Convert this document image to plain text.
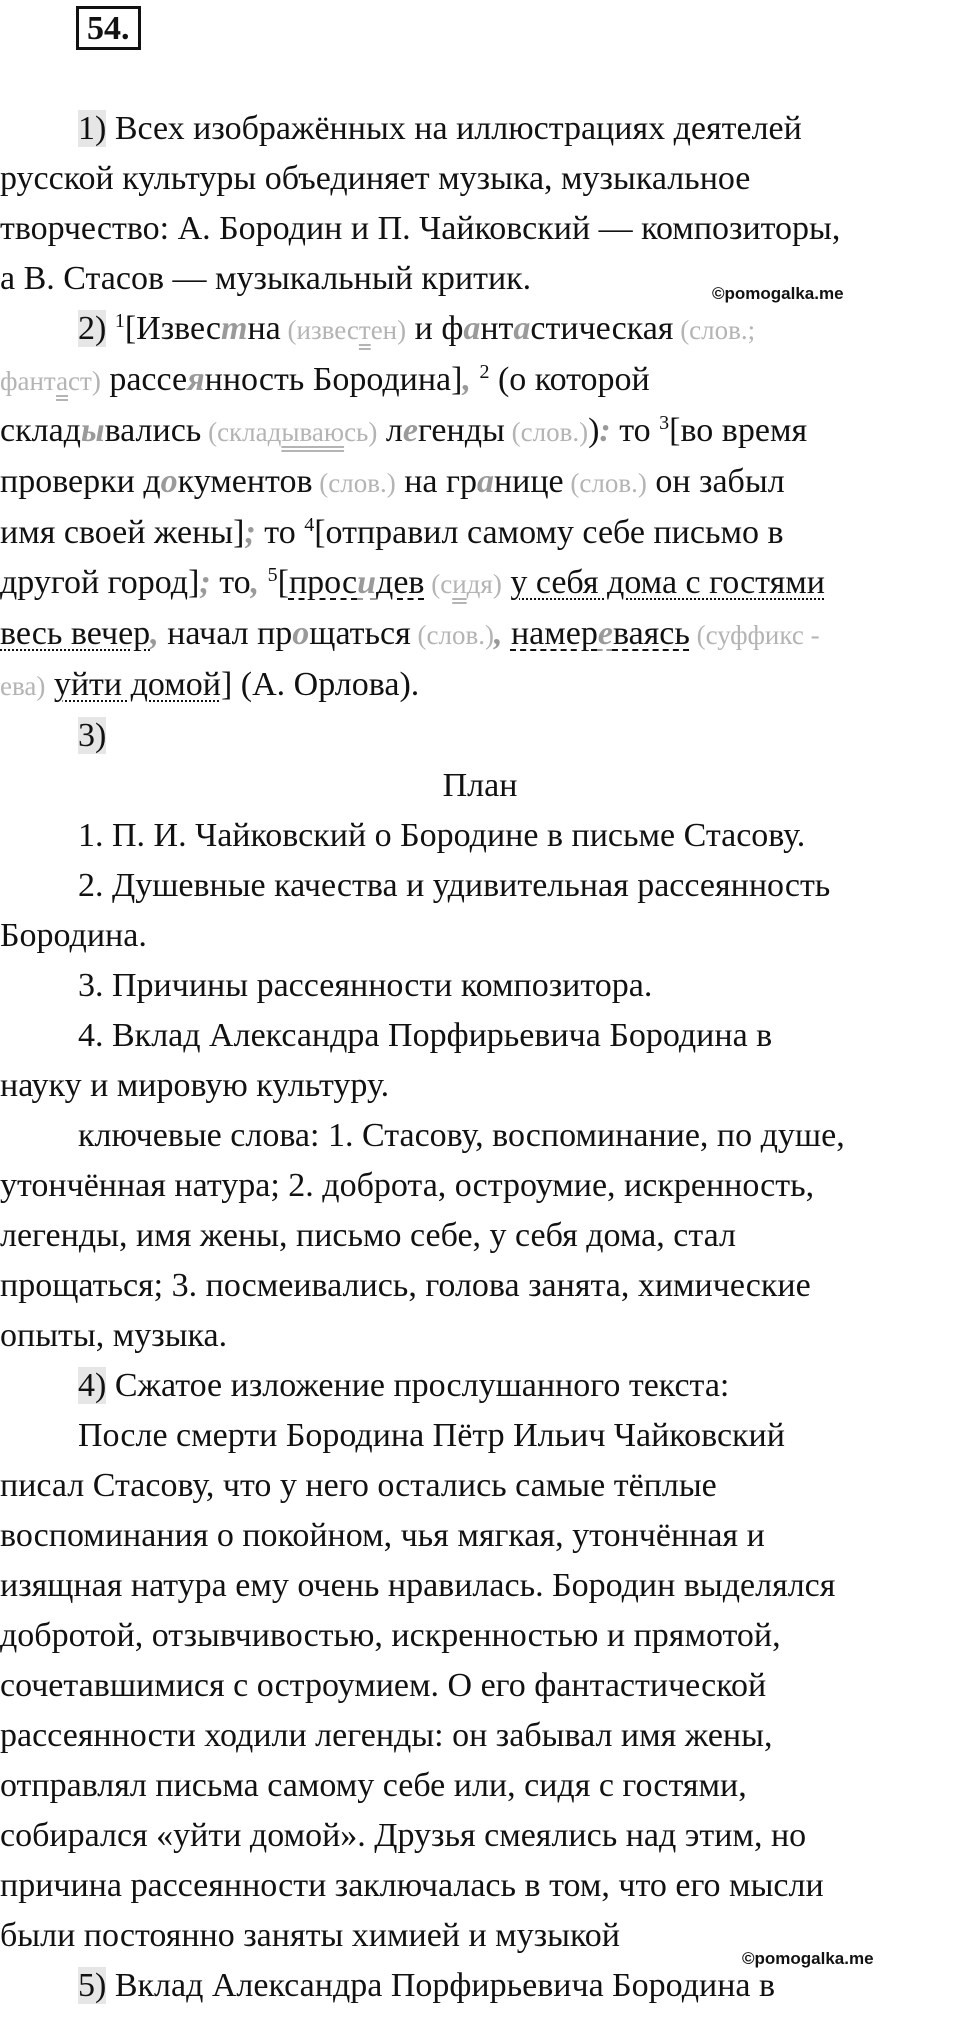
54.

1) Всех изображённых на иллюстрациях деятелей

русской культуры объединяет музыка, музыкальное

творчество: А. Бородин и П. Чайковский — композиторы,

а В. Стасов — музыкальный критик.

2) $^1$[Известна (известен) и фантастическая (слов.;

фантаст) рассеянность Бородина], $^2$ (о которой

складывались (складываюсь) легенды (слов.)): то $^3$[во время

проверки документов (слов.) на границе (слов.) он забыл

имя своей жены]; то $^4$[отправил самому себе письмо в

другой город]; то, $^5$[просидев (сидя) у себя дома с гостями

весь вечер, начал прощаться (слов.), намереваясь (суффикс -

ева) уйти домой] (А. Орлова).

3)

План

1. П. И. Чайковский о Бородине в письме Стасову.

2. Душевные качества и удивительная рассеянность

Бородина.

3. Причины рассеянности композитора.

4. Вклад Александра Порфирьевича Бородина в

науку и мировую культуру.

ключевые слова: 1. Стасову, воспоминание, по душе,

утончённая натура; 2. доброта, остроумие, искренность,

легенды, имя жены, письмо себе, у себя дома, стал

прощаться; 3. посмеивались, голова занята, химические

опыты, музыка.

4) Сжатое изложение прослушанного текста:

После смерти Бородина Пётр Ильич Чайковский

писал Стасову, что у него остались самые тёплые

воспоминания о покойном, чья мягкая, утончённая и

изящная натура ему очень нравилась. Бородин выделялся

добротой, отзывчивостью, искренностью и прямотой,

сочетавшимися с остроумием. О его фантастической

рассеянности ходили легенды: он забывал имя жены,

отправлял письма самому себе или, сидя с гостями,

собирался «уйти домой». Друзья смеялись над этим, но

причина рассеянности заключалась в том, что его мысли

были постоянно заняты химией и музыкой

5) Вклад Александра Порфирьевича Бородина в

©pomogalka.me
©pomogalka.me
